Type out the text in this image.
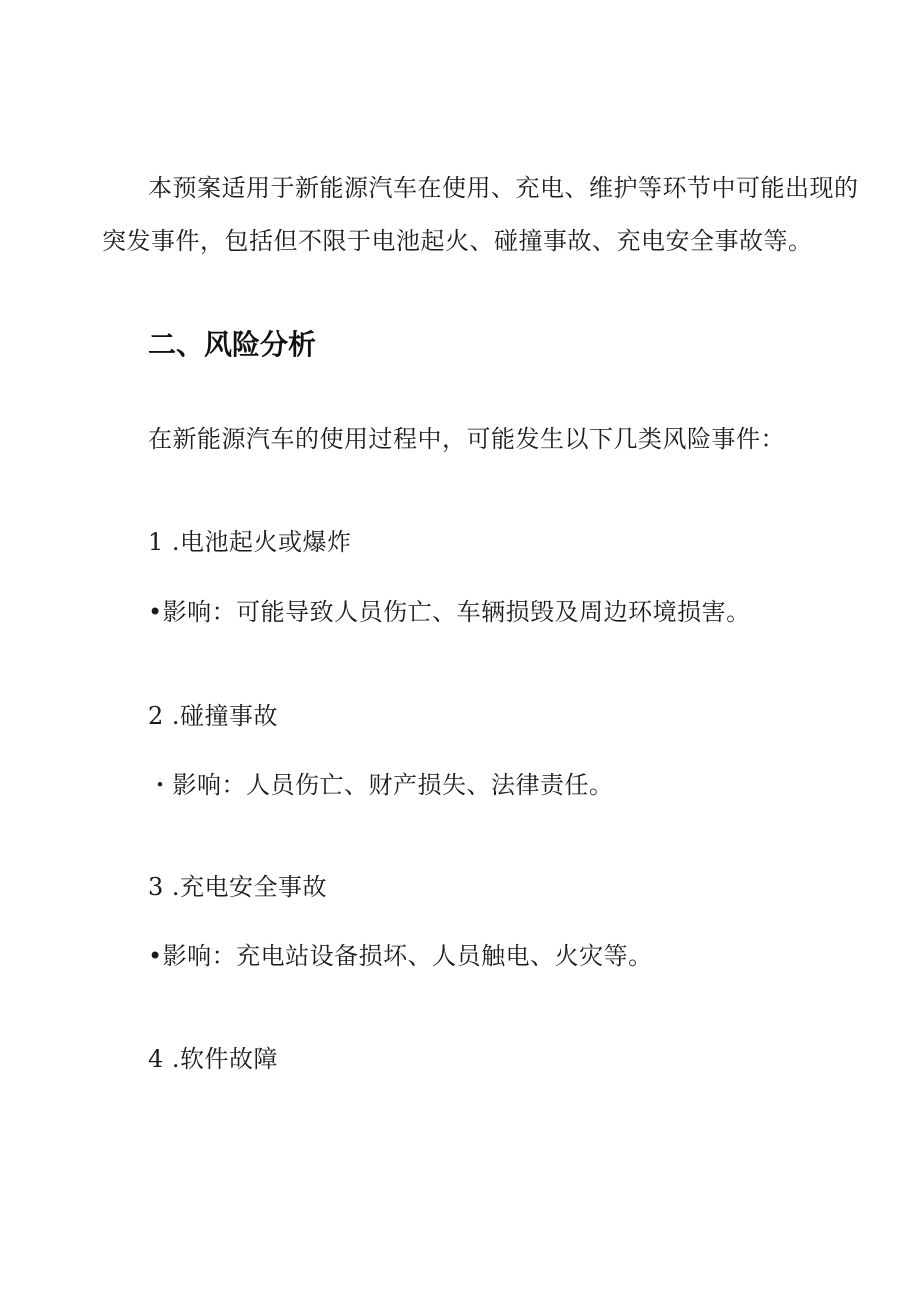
本预案适用于新能源汽车在使用、充电、维护等环节中可能出现的
突发事件，包括但不限于电池起火、碰撞事故、充电安全事故等。
二、风险分析
在新能源汽车的使用过程中，可能发生以下几类风险事件：
1 .电池起火或爆炸
•影响：可能导致人员伤亡、车辆损毁及周边环境损害。
2 .碰撞事故
・影响：人员伤亡、财产损失、法律责任。
3 .充电安全事故
•影响：充电站设备损坏、人员触电、火灾等。
4 .软件故障
